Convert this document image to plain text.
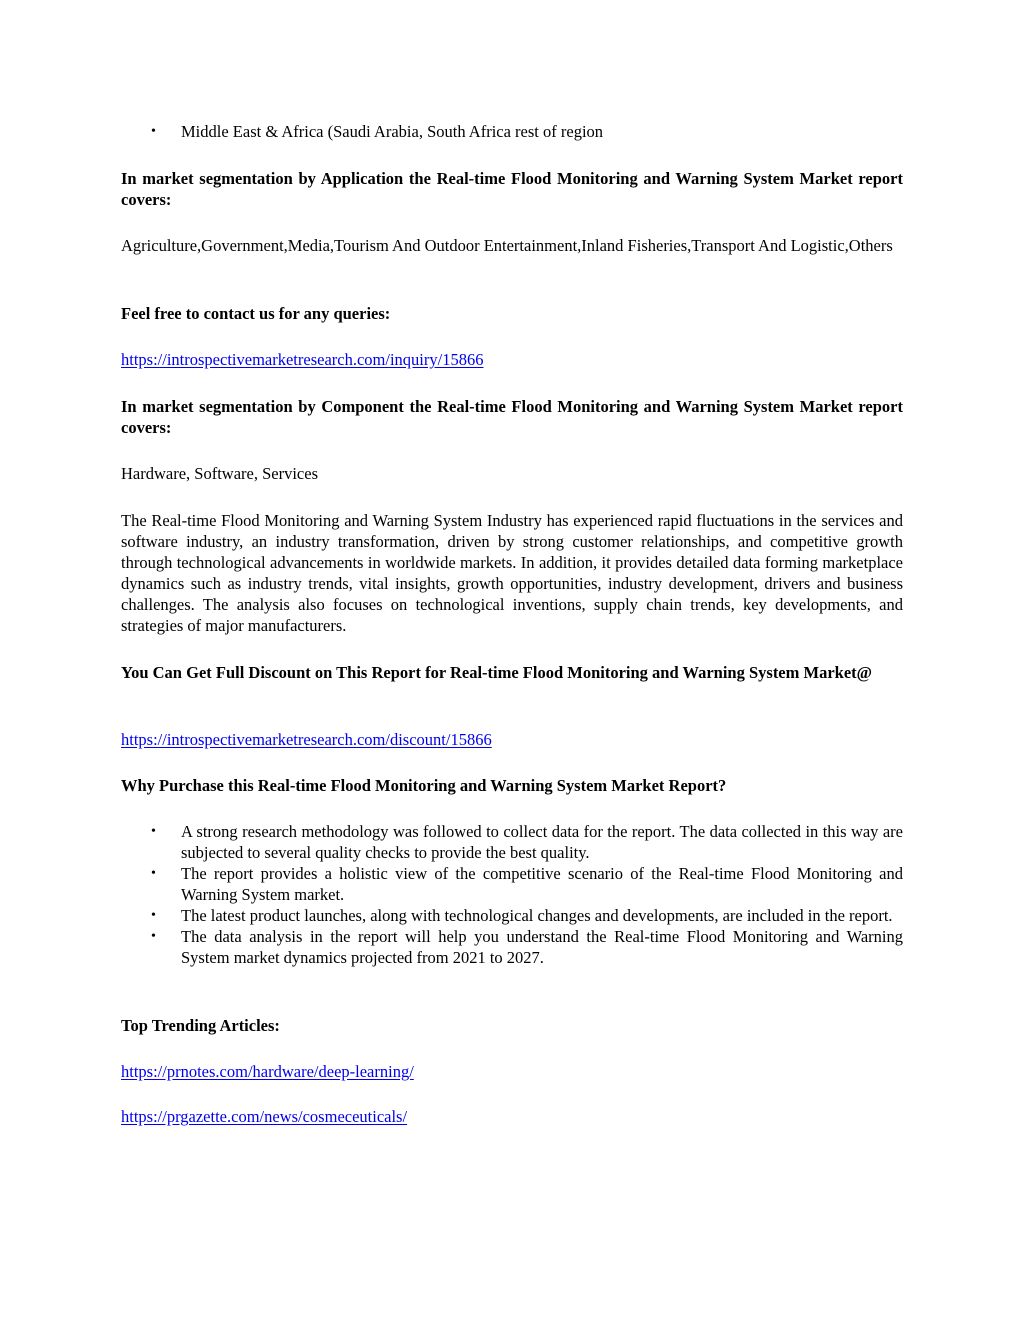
• Middle East & Africa (Saudi Arabia, South Africa rest of region
In market segmentation by Application the Real-time Flood Monitoring and Warning System Market report covers:
Agriculture,Government,Media,Tourism And Outdoor Entertainment,Inland Fisheries,Transport And Logistic,Others
Feel free to contact us for any queries:
https://introspectivemarketresearch.com/inquiry/15866
In market segmentation by Component the Real-time Flood Monitoring and Warning System Market report covers:
Hardware, Software, Services
The Real-time Flood Monitoring and Warning System Industry has experienced rapid fluctuations in the services and software industry, an industry transformation, driven by strong customer relationships, and competitive growth through technological advancements in worldwide markets. In addition, it provides detailed data forming marketplace dynamics such as industry trends, vital insights, growth opportunities, industry development, drivers and business challenges. The analysis also focuses on technological inventions, supply chain trends, key developments, and strategies of major manufacturers.
You Can Get Full Discount on This Report for Real-time Flood Monitoring and Warning System Market@
https://introspectivemarketresearch.com/discount/15866
Why Purchase this Real-time Flood Monitoring and Warning System Market Report?
• A strong research methodology was followed to collect data for the report. The data collected in this way are subjected to several quality checks to provide the best quality.
• The report provides a holistic view of the competitive scenario of the Real-time Flood Monitoring and Warning System market.
• The latest product launches, along with technological changes and developments, are included in the report.
• The data analysis in the report will help you understand the Real-time Flood Monitoring and Warning System market dynamics projected from 2021 to 2027.
Top Trending Articles:
https://prnotes.com/hardware/deep-learning/
https://prgazette.com/news/cosmeceuticals/
